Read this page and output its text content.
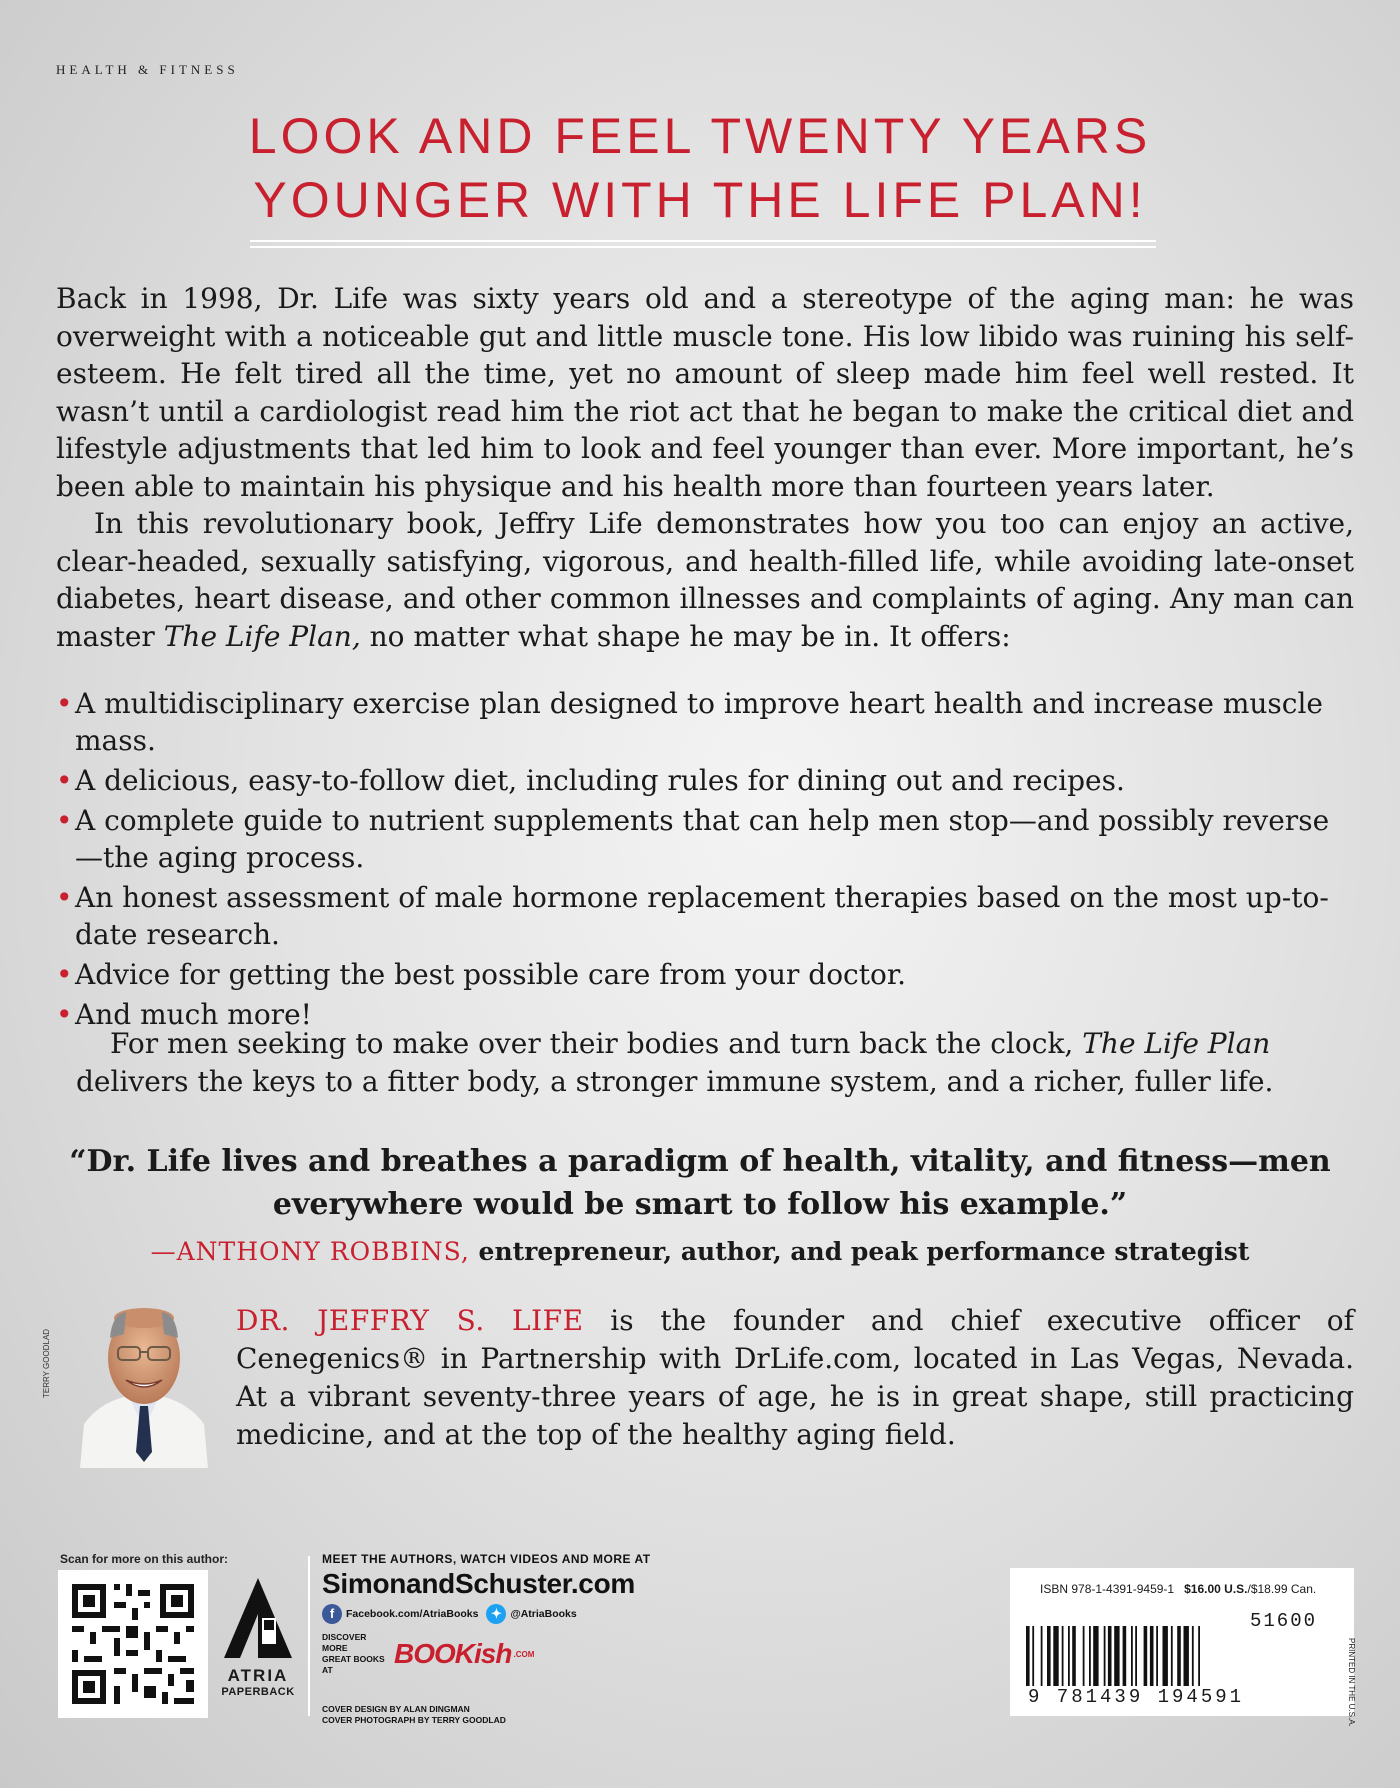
HEALTH & FITNESS
LOOK AND FEEL TWENTY YEARS
YOUNGER WITH THE LIFE PLAN!

Back in 1998, Dr. Life was sixty years old and a stereotype of the aging man: he was overweight with a noticeable gut and little muscle tone. His low libido was ruining his self-esteem. He felt tired all the time, yet no amount of sleep made him feel well rested. It wasn’t until a cardiologist read him the riot act that he began to make the critical diet and lifestyle adjustments that led him to look and feel younger than ever. More important, he’s been able to maintain his physique and his health more than fourteen years later.

In this revolutionary book, Jeffry Life demonstrates how you too can enjoy an active, clear-headed, sexually satisfying, vigorous, and health-filled life, while avoiding late-onset diabetes, heart disease, and other common illnesses and complaints of aging. Any man can master The Life Plan, no matter what shape he may be in. It offers:

• A multidisciplinary exercise plan designed to improve heart health and increase muscle mass.
• A delicious, easy-to-follow diet, including rules for dining out and recipes.
• A complete guide to nutrient supplements that can help men stop—and possibly reverse—the aging process.
• An honest assessment of male hormone replacement therapies based on the most up-to-date research.
• Advice for getting the best possible care from your doctor.
• And much more!
For men seeking to make over their bodies and turn back the clock, The Life Plan delivers the keys to a fitter body, a stronger immune system, and a richer, fuller life.
“Dr. Life lives and breathes a paradigm of health, vitality, and fitness—men
everywhere would be smart to follow his example.”
—ANTHONY ROBBINS, entrepreneur, author, and peak performance strategist
TERRY GOODLAD
DR. JEFFRY S. LIFE is the founder and chief executive officer of Cenegenics® in Partnership with DrLife.com, located in Las Vegas, Nevada. At a vibrant seventy-three years of age, he is in great shape, still practicing medicine, and at the top of the healthy aging field.
Scan for more on this author:
ATRIA
PAPERBACK
MEET THE AUTHORS, WATCH VIDEOS AND MORE AT
SimonandSchuster.com
f	Facebook.com/AtriaBooks ✦ @AtriaBooks
DISCOVER MORE
GREAT BOOKS AT
BOOKish .COM
COVER DESIGN BY ALAN DINGMAN
COVER PHOTOGRAPH BY TERRY GOODLAD
ISBN 978-1-4391-9459-1 $16.00 U.S./$18.99 Can.
51600
9 781439 194591	PRINTED IN THE U.S.A.
